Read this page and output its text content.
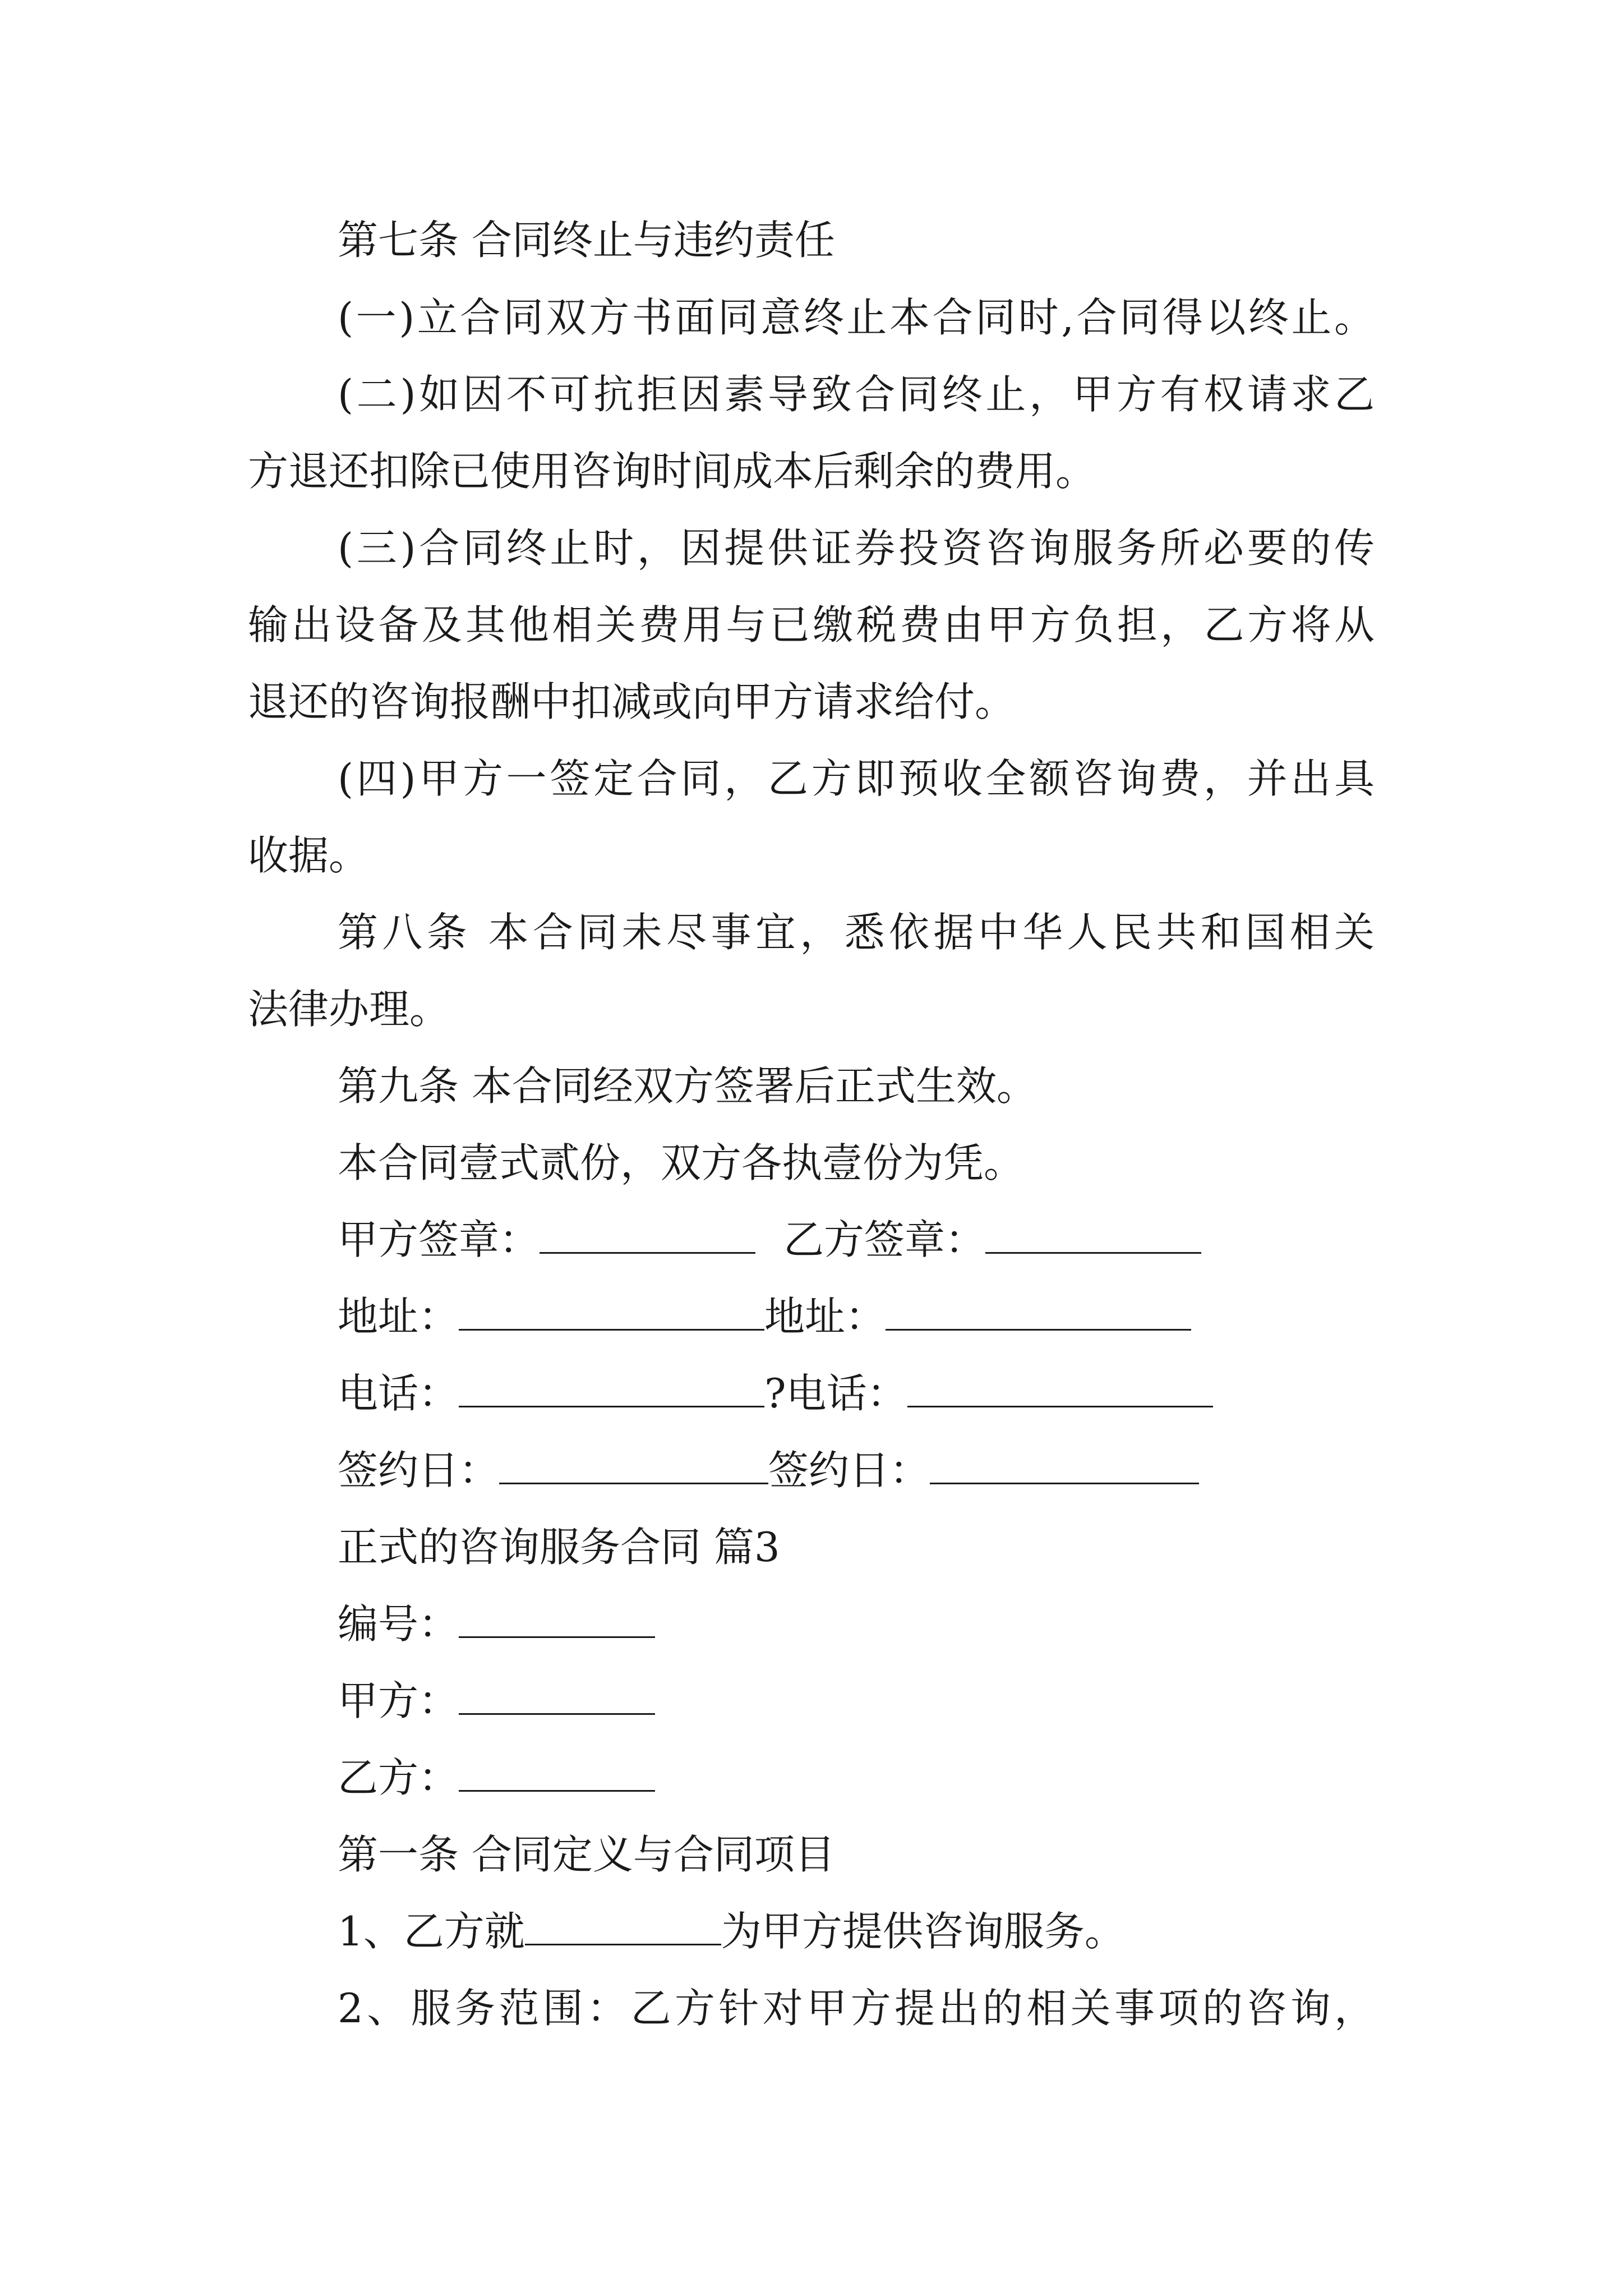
第七条 合同终止与违约责任
(一)立合同双方书面同意终止本合同时,合同得以终止。
(二)如因不可抗拒因素导致合同终止，甲方有权请求乙
方退还扣除已使用咨询时间成本后剩余的费用。
(三)合同终止时，因提供证券投资咨询服务所必要的传
输出设备及其他相关费用与已缴税费由甲方负担，乙方将从
退还的咨询报酬中扣减或向甲方请求给付。
(四)甲方一签定合同，乙方即预收全额咨询费，并出具
收据。
第八条 本合同未尽事宜，悉依据中华人民共和国相关
法律办理。
第九条 本合同经双方签署后正式生效。
本合同壹式贰份，双方各执壹份为凭。
甲方签章：	乙方签章：
地址：	地址：
电话：	?电话：
签约日：	签约日：
正式的咨询服务合同 篇3
编号：
甲方：
乙方：
第一条 合同定义与合同项目
1、乙方就	为甲方提供咨询服务。
2、服务范围：乙方针对甲方提出的相关事项的咨询，
